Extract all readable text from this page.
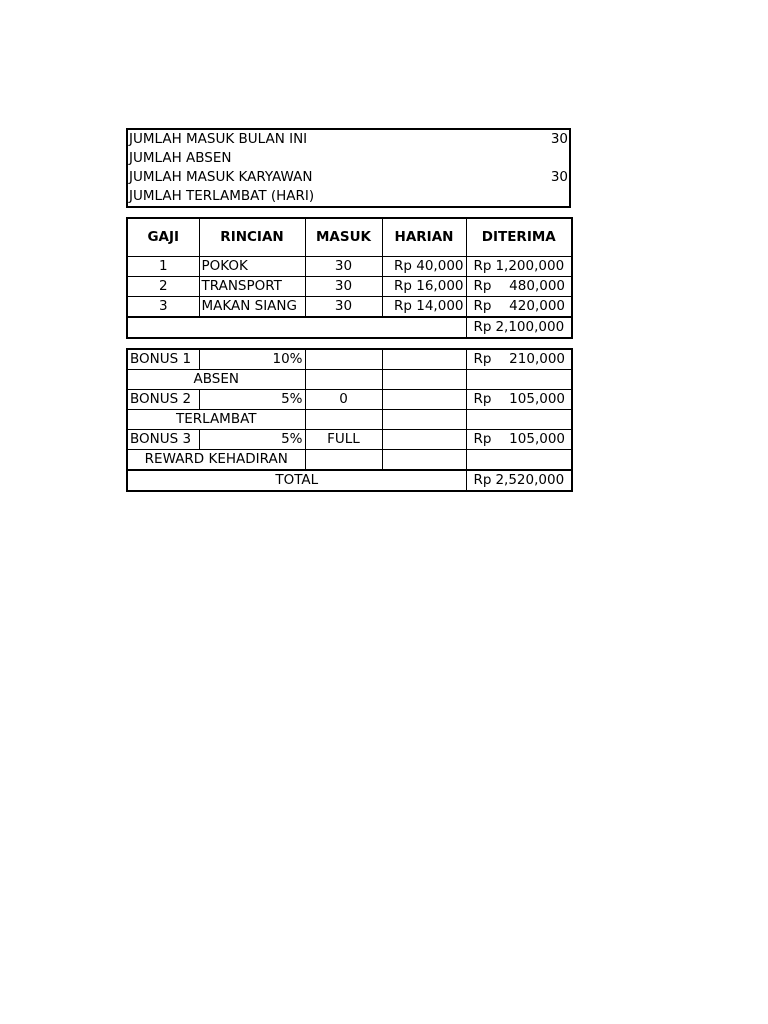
JUMLAH MASUK BULAN INI	30
JUMLAH ABSEN	
JUMLAH MASUK KARYAWAN	30
JUMLAH TERLAMBAT (HARI)	
GAJI	RINCIAN	MASUK	HARIAN	DITERIMA
1	POKOK	30	Rp 40,000	Rp 1,200,000

2	TRANSPORT	30	Rp 16,000	Rp 480,000

3	MAKAN SIANG	30	Rp 14,000	Rp 420,000

				Rp 2,100,000
BONUS 1	10%			Rp 210,000

ABSEN				
BONUS 2	5%	0		Rp 105,000

TERLAMBAT				
BONUS 3	5%	FULL		Rp 105,000

REWARD KEHADIRAN				
TOTAL				Rp 2,520,000
